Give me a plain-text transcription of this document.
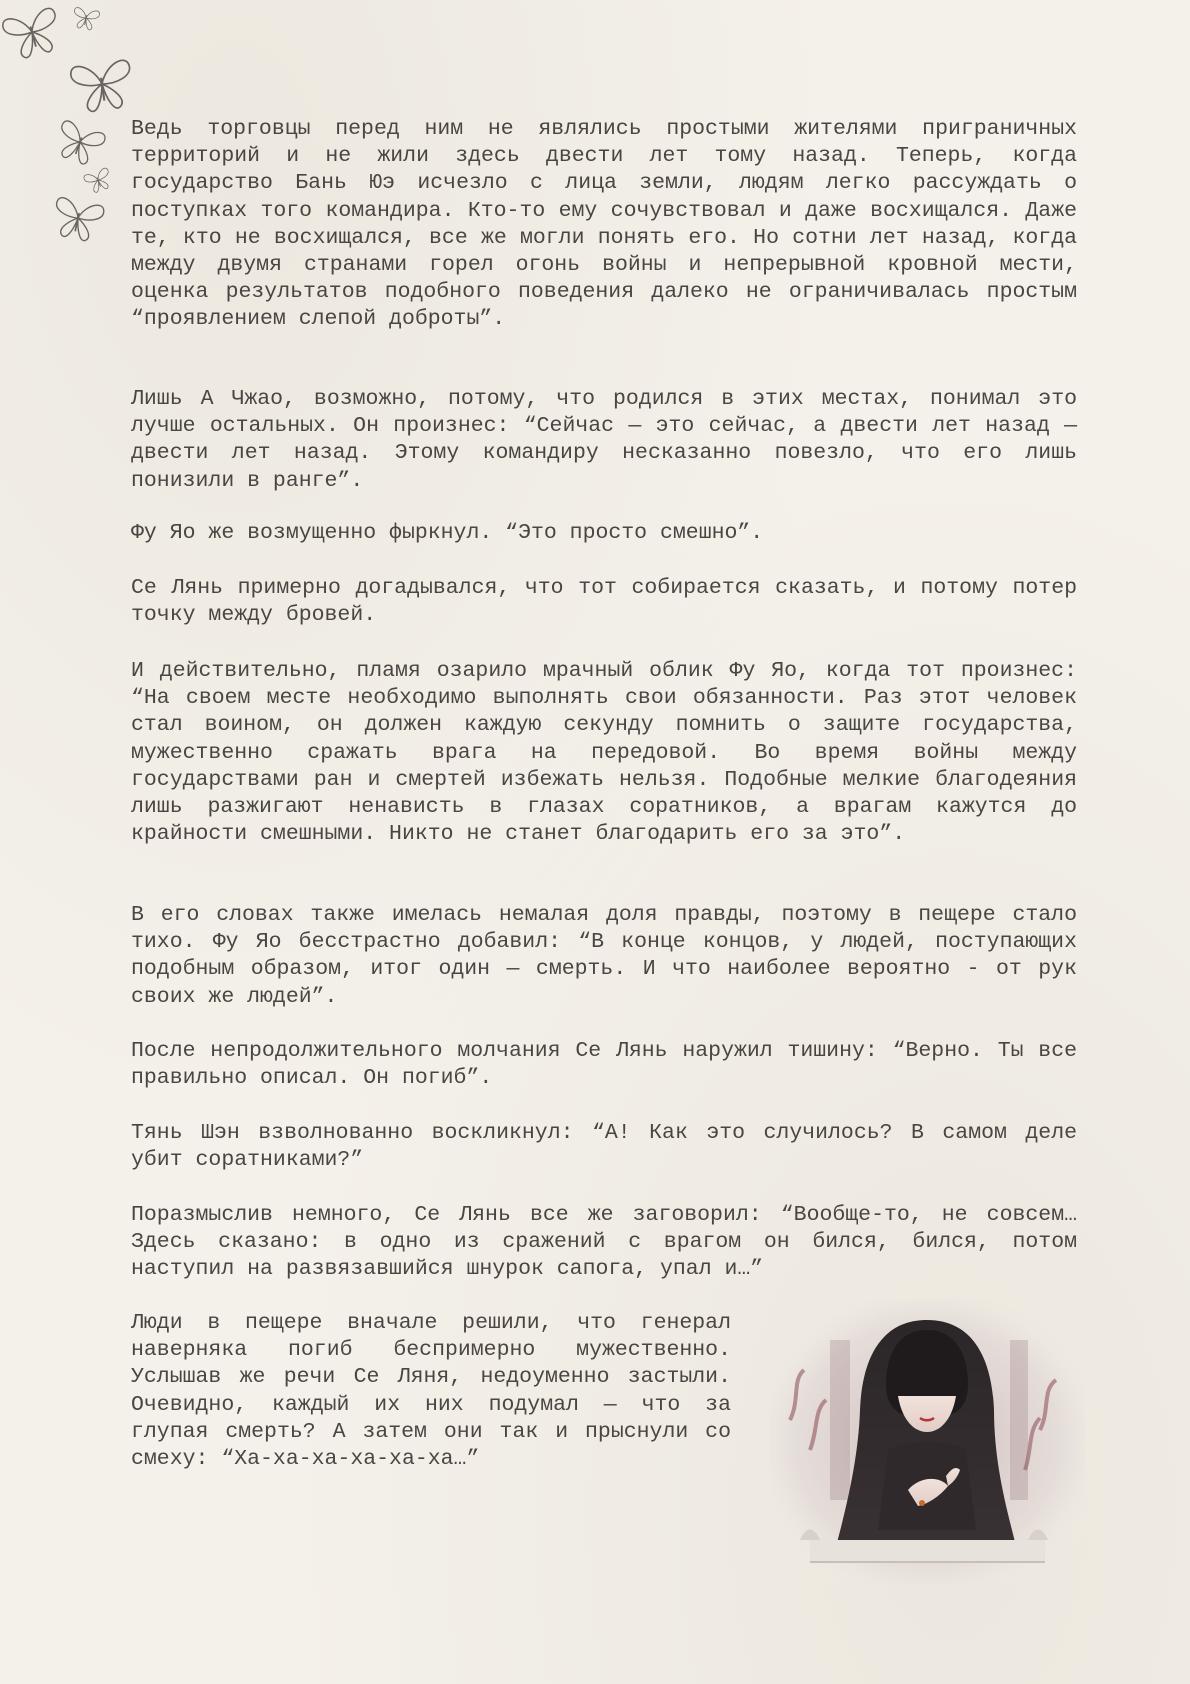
Ведь торговцы перед ним не являлись простыми жителями приграничных территорий и не жили здесь двести лет тому назад. Теперь, когда государство Бань Юэ исчезло с лица земли, людям легко рассуждать о поступках того командира. Кто-то ему сочувствовал и даже восхищался. Даже те, кто не восхищался, все же могли понять его. Но сотни лет назад, когда между двумя странами горел огонь войны и непрерывной кровной мести, оценка результатов подобного поведения далеко не ограничивалась простым “проявлением слепой доброты”.

Лишь А Чжао, возможно, потому, что родился в этих местах, понимал это лучше остальных. Он произнес: “Сейчас — это сейчас, а двести лет назад — двести лет назад. Этому командиру несказанно повезло, что его лишь понизили в ранге”.

Фу Яо же возмущенно фыркнул. “Это просто смешно”.

Се Лянь примерно догадывался, что тот собирается сказать, и потому потер точку между бровей.

И действительно, пламя озарило мрачный облик Фу Яо, когда тот произнес: “На своем месте необходимо выполнять свои обязанности. Раз этот человек стал воином, он должен каждую секунду помнить о защите государства, мужественно сражать врага на передовой. Во время войны между государствами ран и смертей избежать нельзя. Подобные мелкие благодеяния лишь разжигают ненависть в глазах соратников, а врагам кажутся до крайности смешными. Никто не станет благодарить его за это”.

В его словах также имелась немалая доля правды, поэтому в пещере стало тихо. Фу Яо бесстрастно добавил: “В конце концов, у людей, поступающих подобным образом, итог один — смерть. И что наиболее вероятно - от рук своих же людей”.

После непродолжительного молчания Се Лянь наружил тишину: “Верно. Ты все правильно описал. Он погиб”.

Тянь Шэн взволнованно воскликнул: “А! Как это случилось? В самом деле убит соратниками?”

Поразмыслив немного, Се Лянь все же заговорил: “Вообще-то, не совсем… Здесь сказано: в одно из сражений с врагом он бился, бился, потом наступил на развязавшийся шнурок сапога, упал и…”

Люди в пещере вначале решили, что генерал наверняка погиб беспримерно мужественно. Услышав же речи Се Ляня, недоуменно застыли. Очевидно, каждый их них подумал — что за глупая смерть? А затем они так и прыснули со смеху: “Ха-ха-ха-ха-ха-ха…”
